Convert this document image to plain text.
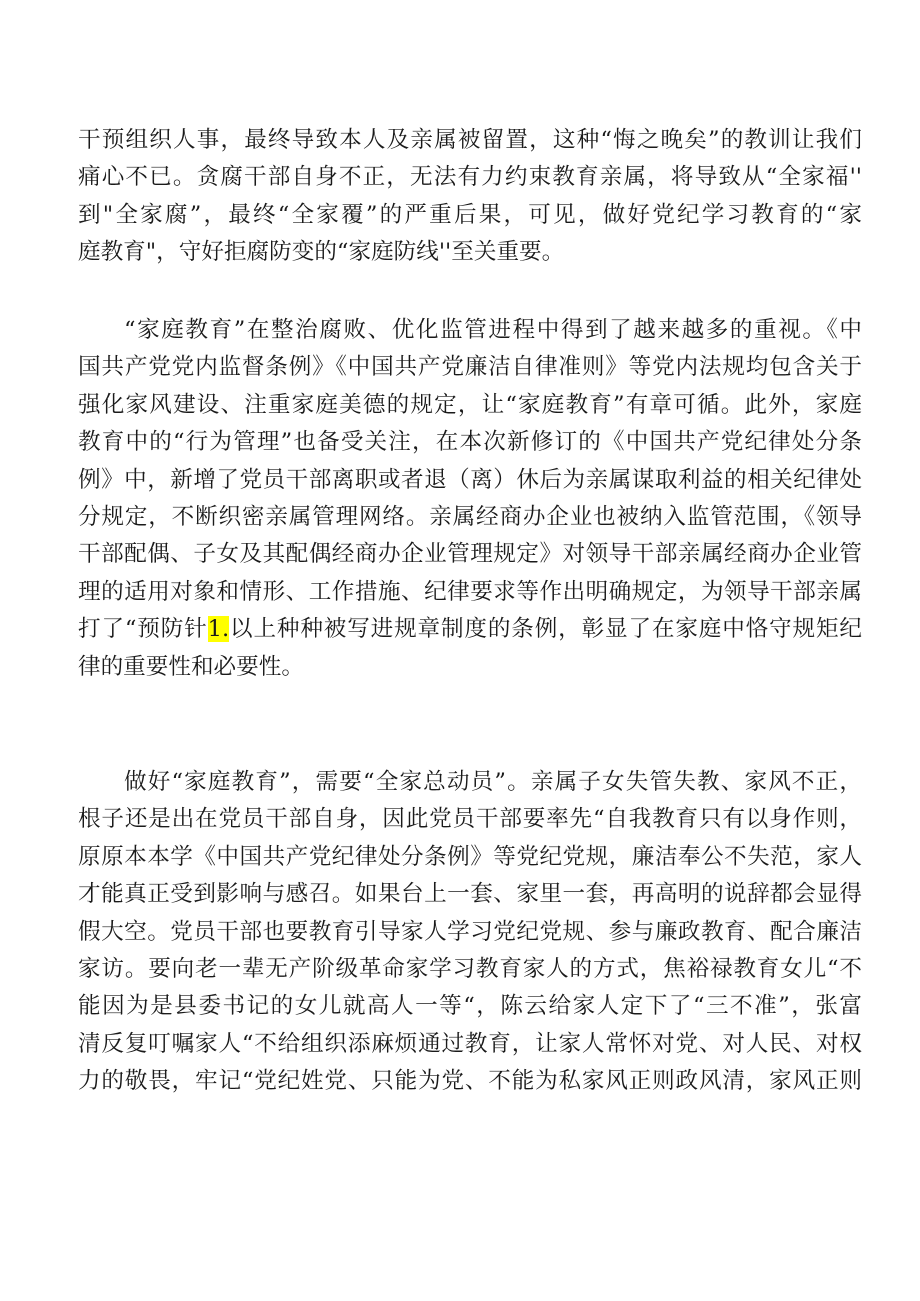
干预组织人事，最终导致本人及亲属被留置，这种“悔之晚矣”的教训让我们
痛心不已。贪腐干部自身不正，无法有力约束教育亲属，将导致从“全家福''
到"全家腐”，最终“全家覆”的严重后果，可见，做好党纪学习教育的“家
庭教育"，守好拒腐防变的“家庭防线''至关重要。
“家庭教育”在整治腐败、优化监管进程中得到了越来越多的重视。《中
国共产党党内监督条例》《中国共产党廉洁自律准则》等党内法规均包含关于
强化家风建设、注重家庭美德的规定，让“家庭教育”有章可循。此外，家庭
教育中的“行为管理”也备受关注，在本次新修订的《中国共产党纪律处分条
例》中，新增了党员干部离职或者退（离）休后为亲属谋取利益的相关纪律处
分规定，不断织密亲属管理网络。亲属经商办企业也被纳入监管范围，《领导
干部配偶、子女及其配偶经商办企业管理规定》对领导干部亲属经商办企业管
理的适用对象和情形、工作措施、纪律要求等作出明确规定，为领导干部亲属
打了“预防针1.以上种种被写进规章制度的条例，彰显了在家庭中恪守规矩纪
律的重要性和必要性。
做好“家庭教育”，需要“全家总动员”。亲属子女失管失教、家风不正，
根子还是出在党员干部自身，因此党员干部要率先“自我教育只有以身作则，
原原本本学《中国共产党纪律处分条例》等党纪党规，廉洁奉公不失范，家人
才能真正受到影响与感召。如果台上一套、家里一套，再高明的说辞都会显得
假大空。党员干部也要教育引导家人学习党纪党规、参与廉政教育、配合廉洁
家访。要向老一辈无产阶级革命家学习教育家人的方式，焦裕禄教育女儿“不
能因为是县委书记的女儿就高人一等“，陈云给家人定下了“三不准”，张富
清反复叮嘱家人“不给组织添麻烦通过教育，让家人常怀对党、对人民、对权
力的敬畏，牢记“党纪姓党、只能为党、不能为私家风正则政风清，家风正则
